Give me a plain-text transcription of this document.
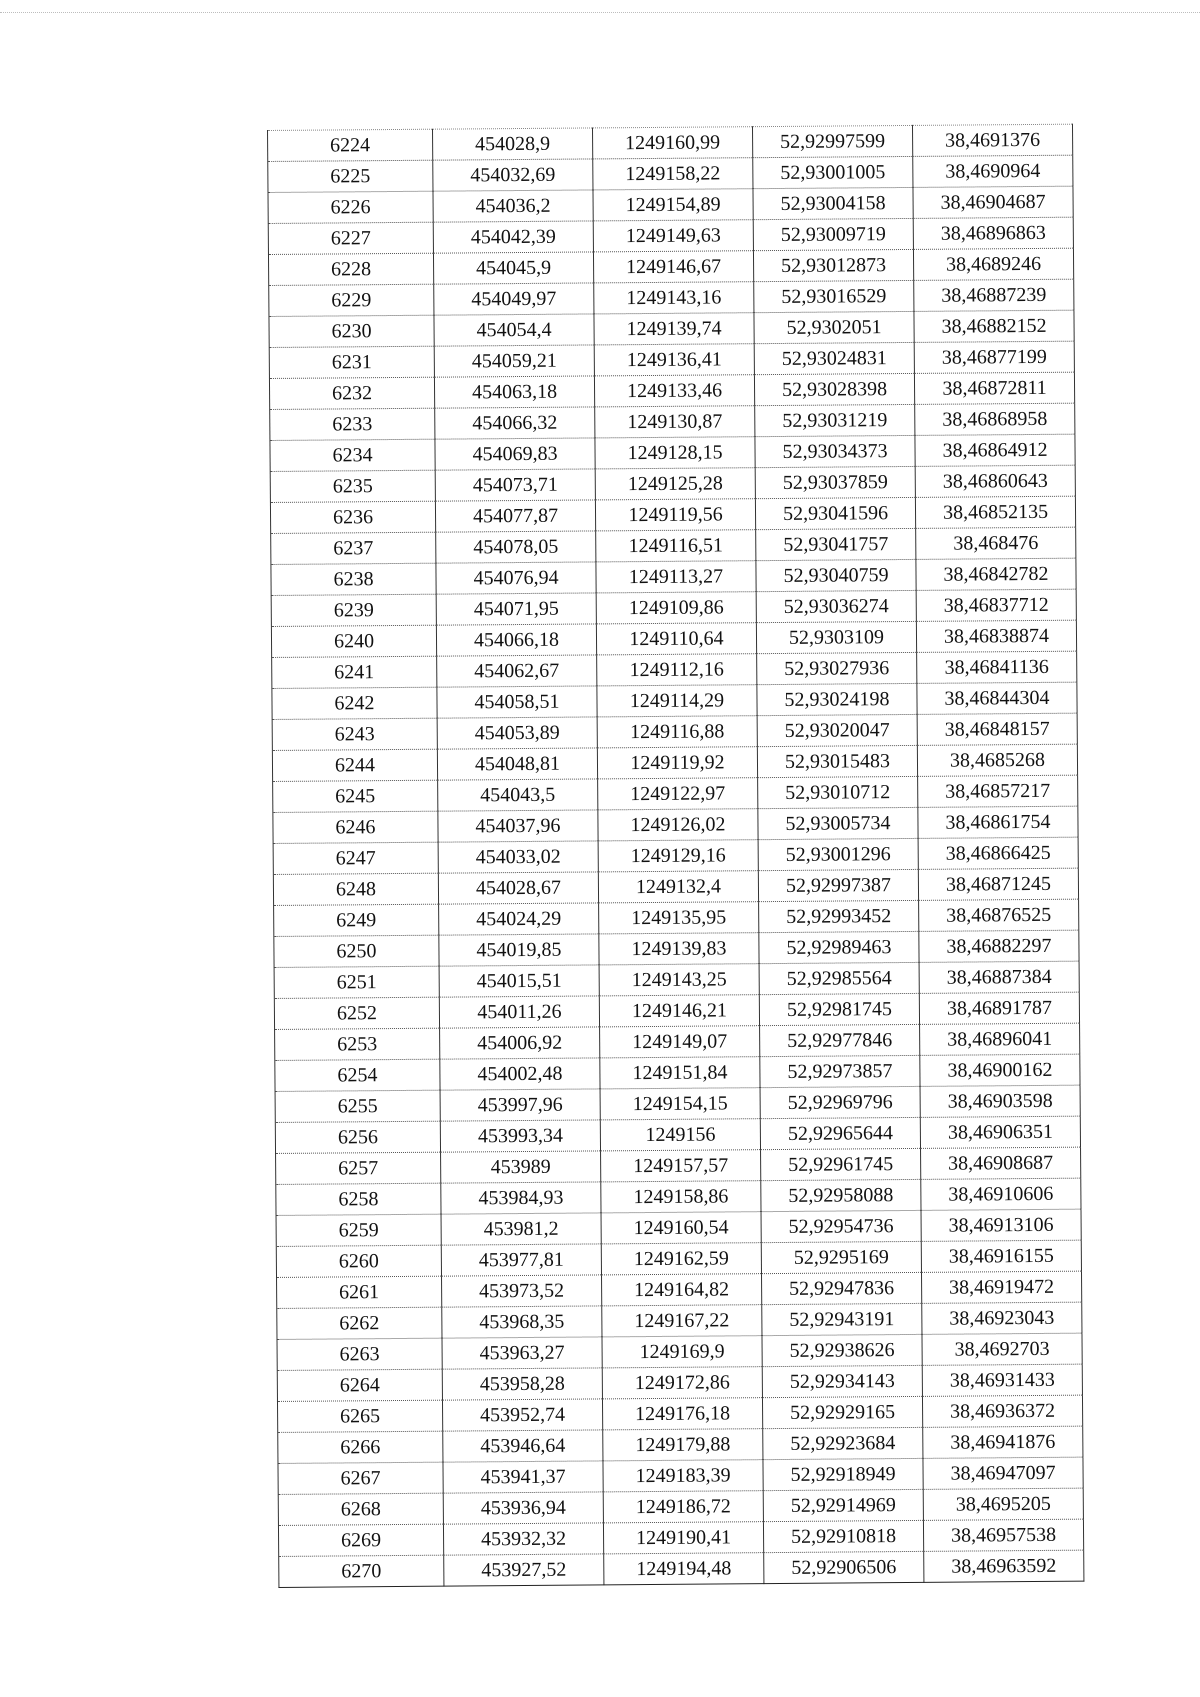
6224	454028,9	1249160,99	52,92997599	38,4691376
6225	454032,69	1249158,22	52,93001005	38,4690964
6226	454036,2	1249154,89	52,93004158	38,46904687
6227	454042,39	1249149,63	52,93009719	38,46896863
6228	454045,9	1249146,67	52,93012873	38,4689246
6229	454049,97	1249143,16	52,93016529	38,46887239
6230	454054,4	1249139,74	52,9302051	38,46882152
6231	454059,21	1249136,41	52,93024831	38,46877199
6232	454063,18	1249133,46	52,93028398	38,46872811
6233	454066,32	1249130,87	52,93031219	38,46868958
6234	454069,83	1249128,15	52,93034373	38,46864912
6235	454073,71	1249125,28	52,93037859	38,46860643
6236	454077,87	1249119,56	52,93041596	38,46852135
6237	454078,05	1249116,51	52,93041757	38,468476
6238	454076,94	1249113,27	52,93040759	38,46842782
6239	454071,95	1249109,86	52,93036274	38,46837712
6240	454066,18	1249110,64	52,9303109	38,46838874
6241	454062,67	1249112,16	52,93027936	38,46841136
6242	454058,51	1249114,29	52,93024198	38,46844304
6243	454053,89	1249116,88	52,93020047	38,46848157
6244	454048,81	1249119,92	52,93015483	38,4685268
6245	454043,5	1249122,97	52,93010712	38,46857217
6246	454037,96	1249126,02	52,93005734	38,46861754
6247	454033,02	1249129,16	52,93001296	38,46866425
6248	454028,67	1249132,4	52,92997387	38,46871245
6249	454024,29	1249135,95	52,92993452	38,46876525
6250	454019,85	1249139,83	52,92989463	38,46882297
6251	454015,51	1249143,25	52,92985564	38,46887384
6252	454011,26	1249146,21	52,92981745	38,46891787
6253	454006,92	1249149,07	52,92977846	38,46896041
6254	454002,48	1249151,84	52,92973857	38,46900162
6255	453997,96	1249154,15	52,92969796	38,46903598
6256	453993,34	1249156	52,92965644	38,46906351
6257	453989	1249157,57	52,92961745	38,46908687
6258	453984,93	1249158,86	52,92958088	38,46910606
6259	453981,2	1249160,54	52,92954736	38,46913106
6260	453977,81	1249162,59	52,9295169	38,46916155
6261	453973,52	1249164,82	52,92947836	38,46919472
6262	453968,35	1249167,22	52,92943191	38,46923043
6263	453963,27	1249169,9	52,92938626	38,4692703
6264	453958,28	1249172,86	52,92934143	38,46931433
6265	453952,74	1249176,18	52,92929165	38,46936372
6266	453946,64	1249179,88	52,92923684	38,46941876
6267	453941,37	1249183,39	52,92918949	38,46947097
6268	453936,94	1249186,72	52,92914969	38,4695205
6269	453932,32	1249190,41	52,92910818	38,46957538
6270	453927,52	1249194,48	52,92906506	38,46963592
